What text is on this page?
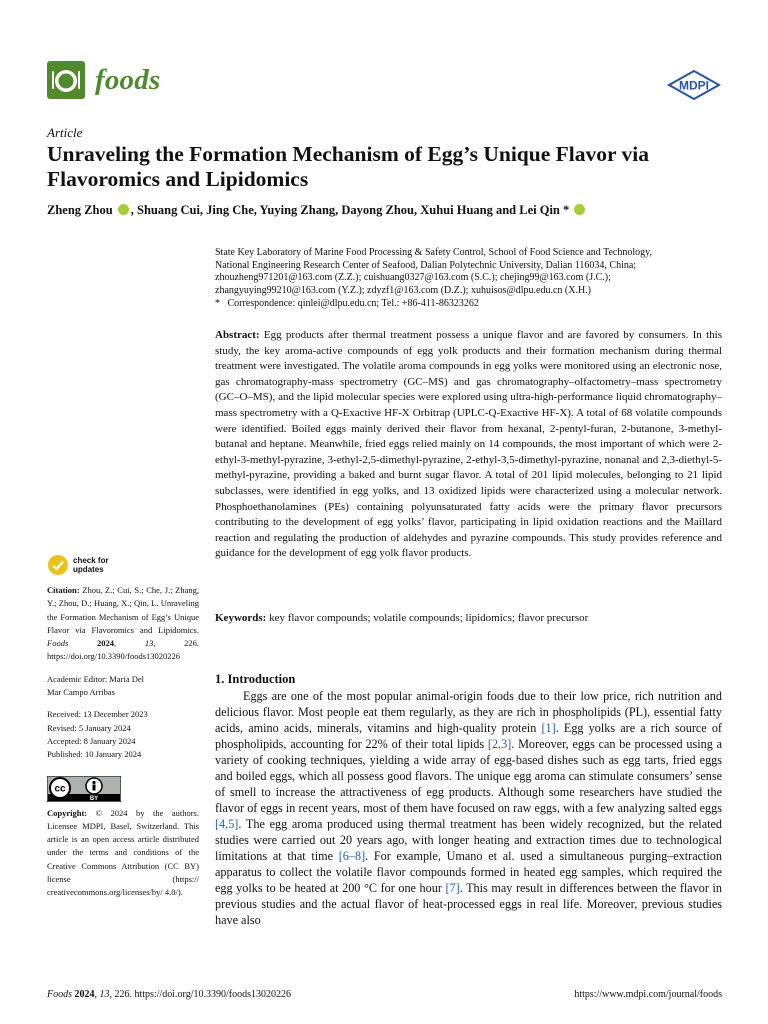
foods	MDPI
Article
Unraveling the Formation Mechanism of Egg’s Unique Flavor via Flavoromics and Lipidomics
Zheng Zhou , Shuang Cui, Jing Che, Yuying Zhang, Dayong Zhou, Xuhui Huang and Lei Qin *
State Key Laboratory of Marine Food Processing & Safety Control, School of Food Science and Technology,
National Engineering Research Center of Seafood, Dalian Polytechnic University, Dalian 116034, China;
zhouzheng971201@163.com (Z.Z.); cuishuang0327@163.com (S.C.); chejing99@163.com (J.C.);
zhangyuying99210@163.com (Y.Z.); zdyzf1@163.com (D.Z.); xuhuisos@dlpu.edu.cn (X.H.)
*   Correspondence: qinlei@dlpu.edu.cn; Tel.: +86-411-86323262
Abstract: Egg products after thermal treatment possess a unique flavor and are favored by consumers. In this study, the key aroma-active compounds of egg yolk products and their formation mechanism during thermal treatment were investigated. The volatile aroma compounds in egg yolks were monitored using an electronic nose, gas chromatography-mass spectrometry (GC–MS) and gas chromatography–olfactometry–mass spectrometry (GC–O–MS), and the lipid molecular species were explored using ultra-high-performance liquid chromatography– mass spectrometry with a Q-Exactive HF-X Orbitrap (UPLC-Q-Exactive HF-X). A total of 68 volatile compounds were identified. Boiled eggs mainly derived their flavor from hexanal, 2-pentyl-furan, 2-butanone, 3-methyl-butanal and heptane. Meanwhile, fried eggs relied mainly on 14 compounds, the most important of which were 2-ethyl-3-methyl-pyrazine, 3-ethyl-2,5-dimethyl-pyrazine, 2-ethyl-3,5-dimethyl-pyrazine, nonanal and 2,3-diethyl-5-methyl-pyrazine, providing a baked and burnt sugar flavor. A total of 201 lipid molecules, belonging to 21 lipid subclasses, were identified in egg yolks, and 13 oxidized lipids were characterized using a molecular network. Phosphoethanolamines (PEs) containing polyunsaturated fatty acids were the primary flavor precursors contributing to the development of egg yolks’ flavor, participating in lipid oxidation reactions and the Maillard reaction and regulating the production of aldehydes and pyrazine compounds. This study provides reference and guidance for the development of egg yolk flavor products.
Keywords: key flavor compounds; volatile compounds; lipidomics; flavor precursor
check for
updates
Citation: Zhou, Z.; Cui, S.; Che, J.; Zhang, Y.; Zhou, D.; Huang, X.; Qin, L. Unraveling the Formation Mechanism of Egg’s Unique Flavor via Flavoromics and Lipidomics. Foods 2024, 13, 226. https://doi.org/10.3390/foods13020226
Academic Editor: Maria Del
Mar Campo Arribas
Received: 13 December 2023
Revised: 5 January 2024
Accepted: 8 January 2024
Published: 10 January 2024
cc
BY
Copyright: © 2024 by the authors. Licensee MDPI, Basel, Switzerland. This article is an open access article distributed under the terms and conditions of the Creative Commons Attribution (CC BY) license (https:// creativecommons.org/licenses/by/ 4.0/).
1. Introduction

Eggs are one of the most popular animal-origin foods due to their low price, rich nutrition and delicious flavor. Most people eat them regularly, as they are rich in phospholipids (PL), essential fatty acids, amino acids, minerals, vitamins and high-quality protein [1]. Egg yolks are a rich source of phospholipids, accounting for 22% of their total lipids [2,3]. Moreover, eggs can be processed using a variety of cooking techniques, yielding a wide array of egg-based dishes such as egg tarts, fried eggs and boiled eggs, which all possess good flavors. The unique egg aroma can stimulate consumers’ sense of smell to increase the attractiveness of egg products. Although some researchers have studied the flavor of eggs in recent years, most of them have focused on raw eggs, with a few analyzing salted eggs [4,5]. The egg aroma produced using thermal treatment has been widely recognized, but the related studies were carried out 20 years ago, with longer heating and extraction times due to technological limitations at that time [6–8]. For example, Umano et al. used a simultaneous purging–extraction apparatus to collect the volatile flavor compounds formed in heated egg samples, which required the egg yolks to be heated at 200 °C for one hour [7]. This may result in differences between the flavor in previous studies and the actual flavor of heat-processed eggs in real life. Moreover, previous studies have also

Foods 2024, 13, 226. https://doi.org/10.3390/foods13020226	https://www.mdpi.com/journal/foods
